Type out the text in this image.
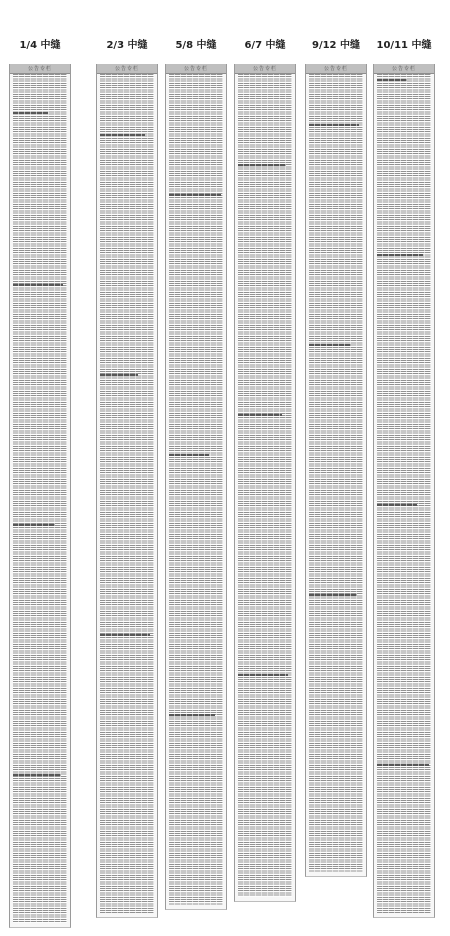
1/4 中缝
公告专栏
2/3 中缝
公告专栏
5/8 中缝
公告专栏
6/7 中缝
公告专栏
9/12 中缝
公告专栏
10/11 中缝
公告专栏
